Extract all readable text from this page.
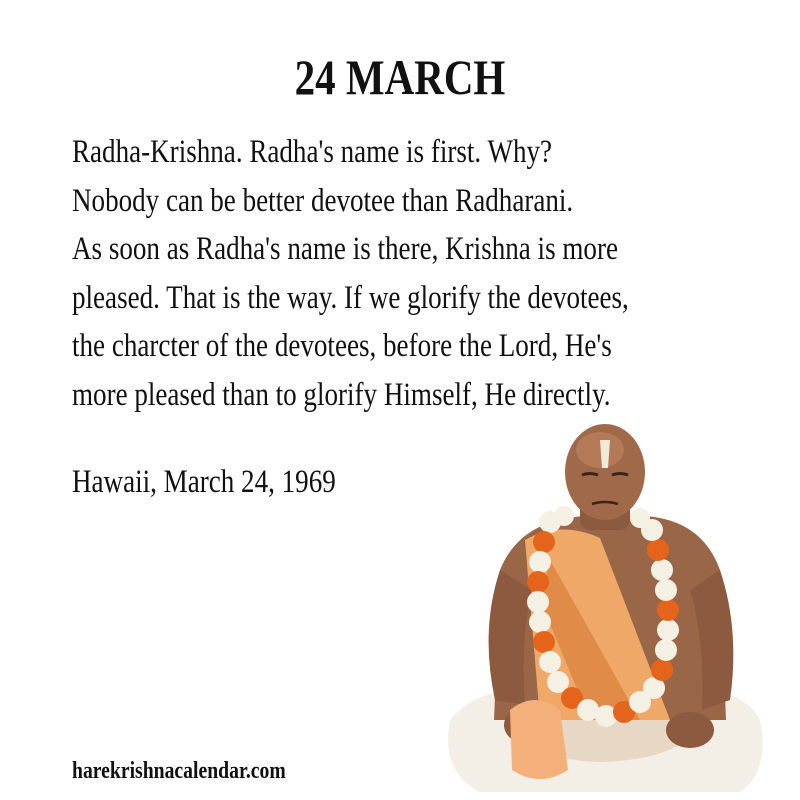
24 MARCH
Radha-Krishna. Radha's name is first. Why?
Nobody can be better devotee than Radharani.
As soon as Radha's name is there, Krishna is more
pleased. That is the way. If we glorify the devotees,
the charcter of the devotees, before the Lord, He's
more pleased than to glorify Himself, He directly.
Hawaii, March 24, 1969
harekrishnacalendar.com
